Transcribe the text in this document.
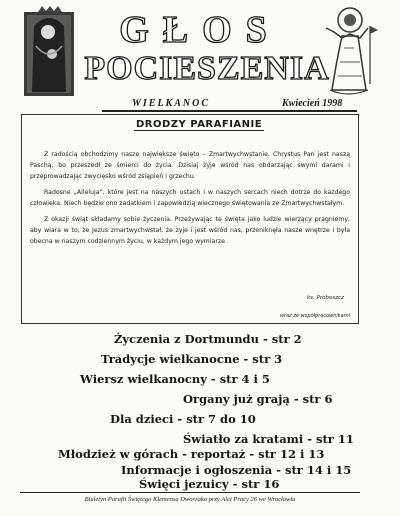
GŁOS
POCIESZENIA
WIELKANOC	Kwiecień 1998
DRODZY PARAFIANIE

Z radością obchodzimy nasze największe święto – Zmartwychwstanie. Chrystus Pan jest naszą Paschą, bo przeszedł ze śmierci do życia. Dzisiaj żyje wśród nas obdarzając swymi darami i przeprowadzając zwycięsko wśród zsiąpień i grzechu.

Radosne „Alleluja”, które jest na naszych ustach i w naszych sercach niech dotrze do każdego człowieka. Niech będzie ono zadatkiem i zapowiedzią wiecznego świętowania ze Zmartwychwstałym.

Z okazji świąt składamy sobie życzenia. Przeżywając te święta jako ludzie wierzący pragniemy, aby wiara w to, że Jezus zmartwychwstał, że żyje i jest wśród nas, przeniknęła nasze wnętrze i była obecna w naszym codziennym życiu, w każdym jego wymiarze.

ks. Proboszcz
wraz ze współpracownikami
Życzenia z Dortmundu - str 2
Tradycje wielkanocne - str 3
Wiersz wielkanocny - str 4 i 5
Organy już grają - str 6
Dla dzieci - str 7 do 10
Światło za kratami - str 11
Młodzież w górach - reportaż - str 12 i 13
Informacje i ogłoszenia - str 14 i 15
Biuletyn Parafii Świętego Klemensa Dworzaka przy Alei Pracy 26 we Wrocławiu
Święci jezuicy - str 16
